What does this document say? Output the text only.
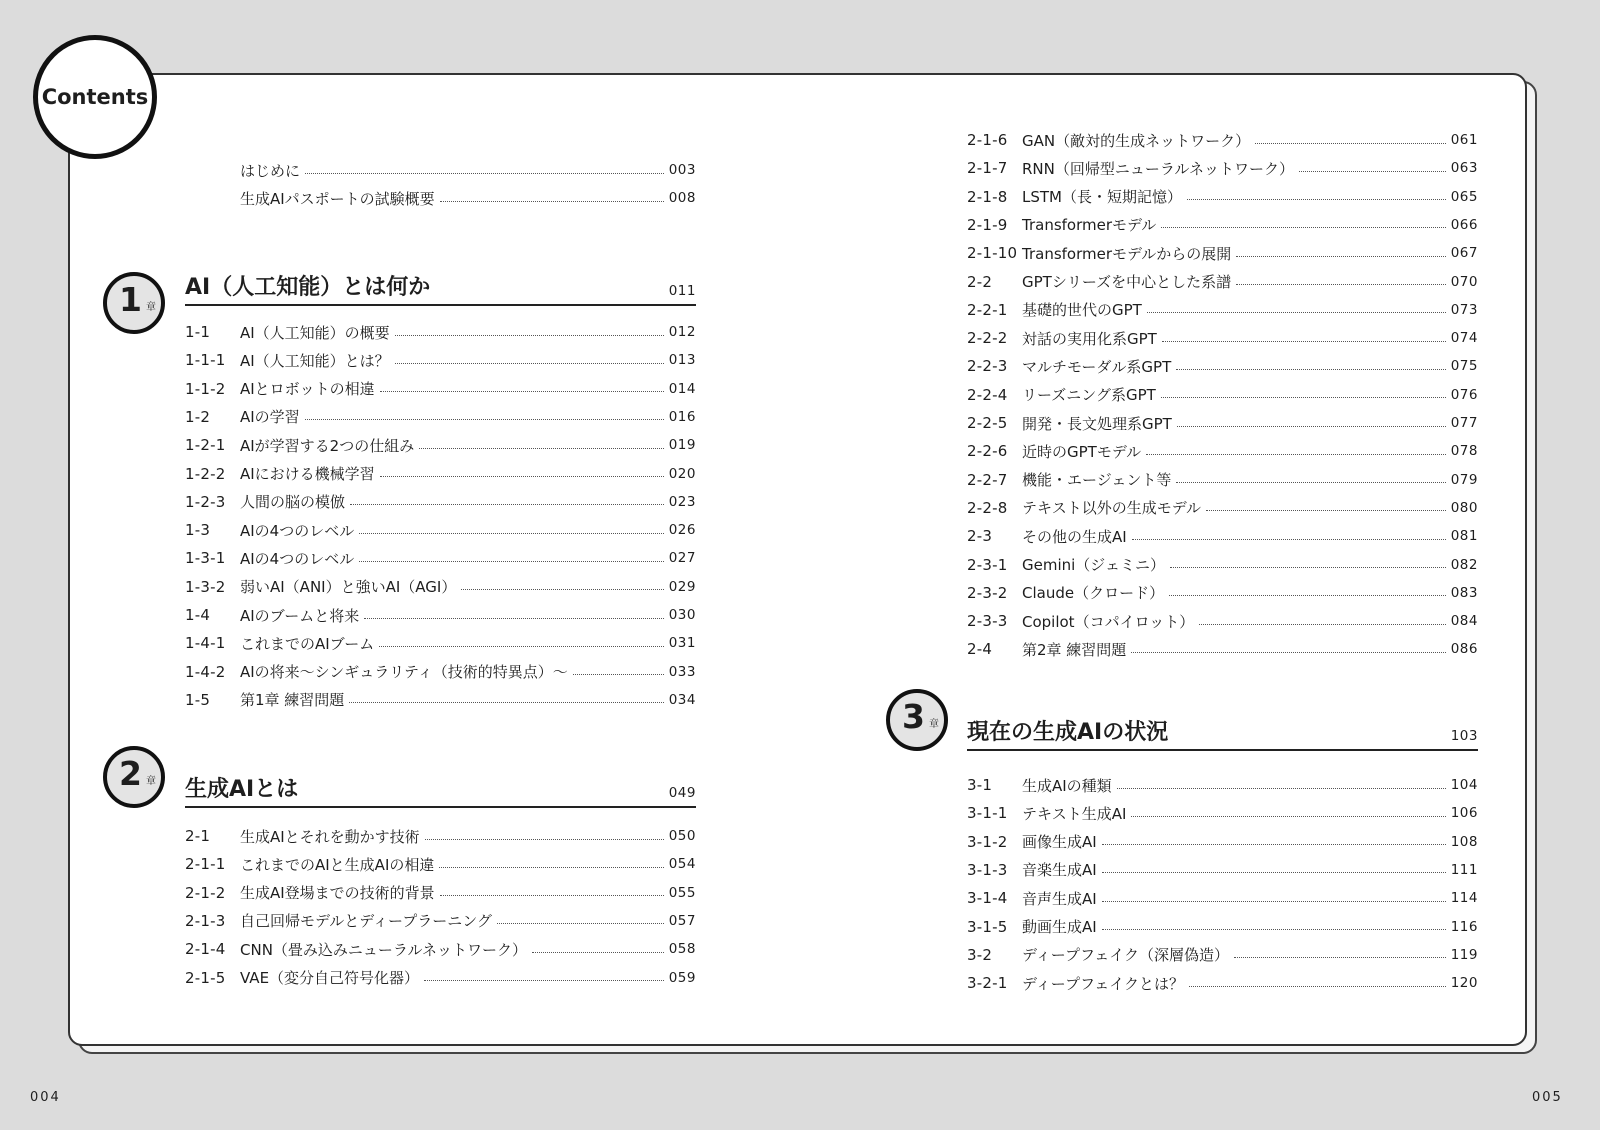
Contents
はじめに	003
生成AIパスポートの試験概要	008
1 章
AI（人工知能）とは何か	011
1-1	AI（人工知能）の概要	012
1-1-1 AI（人工知能）とは？	013
1-1-2 AIとロボットの相違	014
1-2	AIの学習	016
1-2-1 AIが学習する2つの仕組み	019
1-2-2 AIにおける機械学習	020
1-2-3 人間の脳の模倣	023
1-3	AIの4つのレベル	026
1-3-1 AIの4つのレベル	027
1-3-2 弱いAI（ANI）と強いAI（AGI）	029
1-4	AIのブームと将来	030
1-4-1 これまでのAIブーム	031
1-4-2 AIの将来〜シンギュラリティ（技術的特異点）〜	033
1-5	第1章 練習問題	034
2 章 生成AIとは	049
2-1	生成AIとそれを動かす技術	050
2-1-1 これまでのAIと生成AIの相違	054
2-1-2 生成AI登場までの技術的背景	055
2-1-3 自己回帰モデルとディープラーニング	057
2-1-4 CNN（畳み込みニューラルネットワーク）	058
2-1-5 VAE（変分自己符号化器）	059
2-1-6 GAN（敵対的生成ネットワーク）	061
2-1-7 RNN（回帰型ニューラルネットワーク）	063
2-1-8 LSTM（長・短期記憶）	065
2-1-9 Transformerモデル	066
2-1-10 Transformerモデルからの展開	067
2-2	GPTシリーズを中心とした系譜	070
2-2-1 基礎的世代のGPT	073
2-2-2 対話の実用化系GPT	074
2-2-3 マルチモーダル系GPT	075
2-2-4 リーズニング系GPT	076
2-2-5 開発・長文処理系GPT	077
2-2-6 近時のGPTモデル	078
2-2-7 機能・エージェント等	079
2-2-8 テキスト以外の生成モデル	080
2-3	その他の生成AI	081
2-3-1 Gemini（ジェミニ）	082
2-3-2 Claude（クロード）	083
2-3-3 Copilot（コパイロット）	084
2-4	第2章 練習問題	086
3 章 現在の生成AIの状況	103
3-1	生成AIの種類	104
3-1-1 テキスト生成AI	106
3-1-2 画像生成AI	108
3-1-3 音楽生成AI	111
3-1-4 音声生成AI	114
3-1-5 動画生成AI	116
3-2	ディープフェイク（深層偽造）	119
3-2-1 ディープフェイクとは？	120
004	005
